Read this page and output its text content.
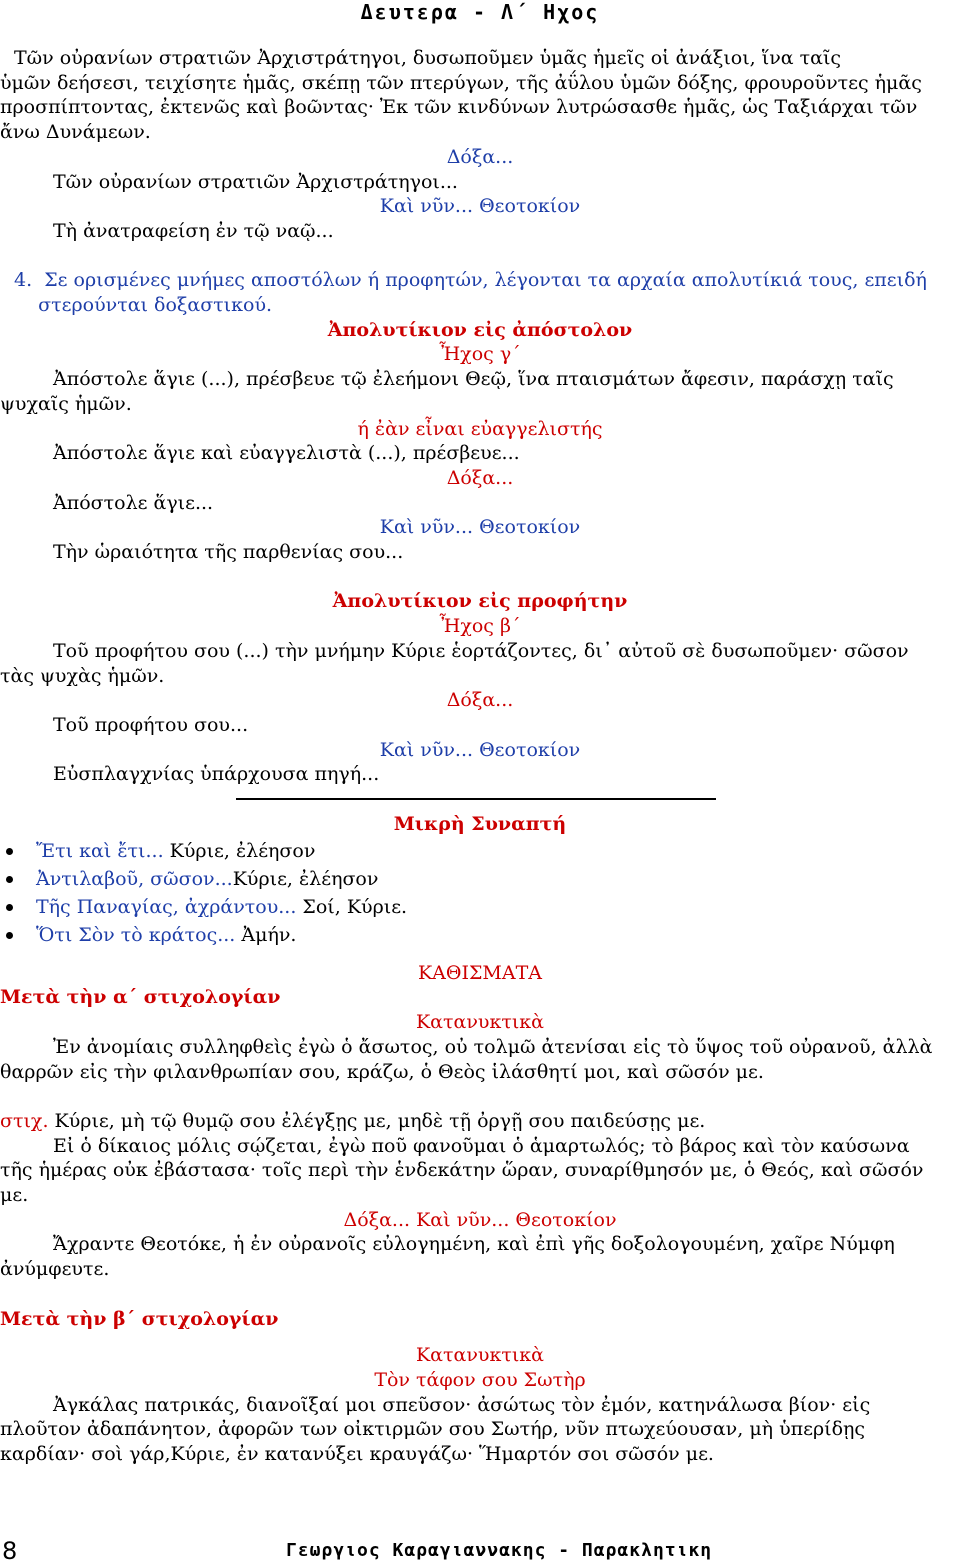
Δευτερα - Λ΄ Ηχος
Τῶν οὐρανίων στρατιῶν Ἀρχιστράτηγοι, δυσωποῦμεν ὑμᾶς ἡμεῖς οἱ ἀνάξιοι, ἵνα ταῖς
ὑμῶν δεήσεσι, τειχίσητε ἡμᾶς, σκέπῃ τῶν πτερύγων, τῆς ἀΰλου ὑμῶν δόξης, φρουροῦντες ἡμᾶς
προσπίπτοντας, ἐκτενῶς καὶ βοῶντας· Ἐκ τῶν κινδύνων λυτρώσασθε ἡμᾶς, ὡς Ταξιάρχαι τῶν
ἄνω Δυνάμεων.
Δόξα...
Τῶν οὐρανίων στρατιῶν Ἀρχιστράτηγοι...
Καὶ νῦν... Θεοτοκίον
Τὴ ἀνατραφείση ἐν τῷ ναῷ...
4.  Σε ορισμένες μνήμες αποστόλων ή προφητών, λέγονται τα αρχαία απολυτίκιά τους, επειδή
στερούνται δοξαστικού.
Ἀπολυτίκιον εἰς ἀπόστολον
Ἦχος γ΄
Ἀπόστολε ἅγιε (...), πρέσβευε τῷ ἐλεήμονι Θεῷ, ἵνα πταισμάτων ἄφεσιν, παράσχῃ ταῖς
ψυχαῖς ἡμῶν.
ή ἐὰν εἶναι εὐαγγελιστής
Ἀπόστολε ἅγιε καὶ εὐαγγελιστὰ (...), πρέσβευε...
Δόξα...
Ἀπόστολε ἅγιε...
Καὶ νῦν... Θεοτοκίον
Τὴν ὡραιότητα τῆς παρθενίας σου...
Ἀπολυτίκιον εἰς προφήτην
Ἦχος β΄
Τοῦ προφήτου σου (...) τὴν μνήμην Κύριε ἑορτάζοντες, δι᾽ αὐτοῦ σὲ δυσωποῦμεν· σῶσον
τὰς ψυχὰς ἡμῶν.
Δόξα...
Τοῦ προφήτου σου...
Καὶ νῦν... Θεοτοκίον
Εὐσπλαγχνίας ὑπάρχουσα πηγή...
Μικρὴ Συναπτή
Ἔτι καὶ ἔτι... Κύριε, ἐλέησον
Ἀντιλαβοῦ, σῶσον...Κύριε, ἐλέησον
Τῆς Παναγίας, ἀχράντου... Σοί, Κύριε.
Ὅτι Σὸν τὸ κράτος... Ἀμήν.
ΚΑΘΙΣΜΑΤΑ
Μετὰ τὴν α΄ στιχολογίαν
Κατανυκτικὰ
Ἐν ἀνομίαις συλληφθεὶς ἐγὼ ὁ ἄσωτος, οὐ τολμῶ ἀτενίσαι εἰς τὸ ὕψος τοῦ οὐρανοῦ, ἀλλὰ
θαρρῶν εἰς τὴν φιλανθρωπίαν σου, κράζω, ὁ Θεὸς ἱλάσθητί μοι, καὶ σῶσόν με.
στιχ. Κύριε, μὴ τῷ θυμῷ σου ἐλέγξῃς με, μηδὲ τῇ ὀργῇ σου παιδεύσῃς με.
Εἰ ὁ δίκαιος μόλις σῴζεται, ἐγὼ ποῦ φανοῦμαι ὁ ἁμαρτωλός; τὸ βάρος καὶ τὸν καύσωνα
τῆς ἡμέρας οὐκ ἐβάστασα· τοῖς περὶ τὴν ἑνδεκάτην ὥραν, συναρίθμησόν με, ὁ Θεός, καὶ σῶσόν
με.
Δόξα... Καὶ νῦν... Θεοτοκίον
Ἄχραντε Θεοτόκε, ἡ ἐν οὐρανοῖς εὐλογημένη, καὶ ἐπὶ γῆς δοξολογουμένη, χαῖρε Νύμφη
ἀνύμφευτε.
Μετὰ τὴν β΄ στιχολογίαν
Κατανυκτικὰ
Τὸν τάφον σου Σωτὴρ
Ἀγκάλας πατρικάς, διανοῖξαί μοι σπεῦσον· ἀσώτως τὸν ἐμόν, κατηνάλωσα βίον· εἰς
πλοῦτον ἀδαπάνητον, ἀφορῶν των οἰκτιρμῶν σου Σωτήρ, νῦν πτωχεύουσαν, μὴ ὑπερίδῃς
καρδίαν· σοὶ γάρ,Κύριε, ἐν κατανύξει κραυγάζω· Ἥμαρτόν σοι σῶσόν με.
8	Γεωργιος Καραγιαννακης - Παρακλητικη
